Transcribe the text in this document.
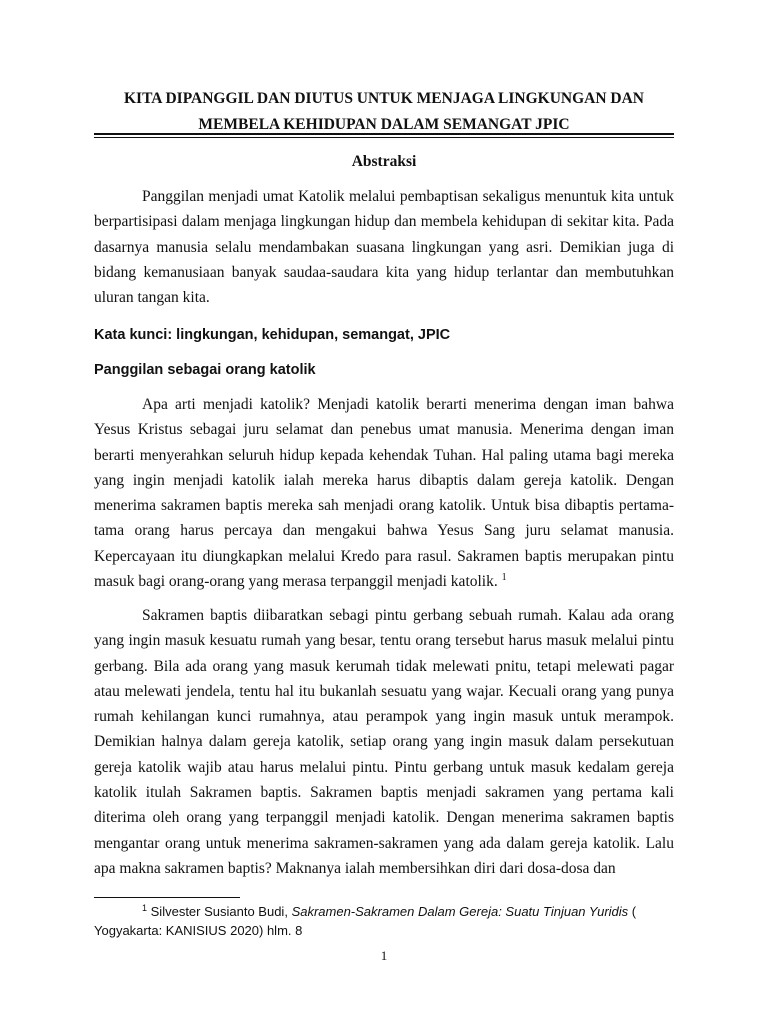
KITA DIPANGGIL DAN DIUTUS UNTUK MENJAGA LINGKUNGAN DAN MEMBELA KEHIDUPAN DALAM SEMANGAT JPIC
Abstraksi

Panggilan menjadi umat Katolik melalui pembaptisan sekaligus menuntuk kita untuk berpartisipasi dalam menjaga lingkungan hidup dan membela kehidupan di sekitar kita. Pada dasarnya manusia selalu mendambakan suasana lingkungan yang asri. Demikian juga di bidang kemanusiaan banyak saudaa-saudara kita yang hidup terlantar dan membutuhkan uluran tangan kita.

Kata kunci: lingkungan, kehidupan, semangat, JPIC
Panggilan sebagai orang katolik

Apa arti menjadi katolik? Menjadi katolik berarti menerima dengan iman bahwa Yesus Kristus sebagai juru selamat dan penebus umat manusia. Menerima dengan iman berarti menyerahkan seluruh hidup kepada kehendak Tuhan. Hal paling utama bagi mereka yang ingin menjadi katolik ialah mereka harus dibaptis dalam gereja katolik. Dengan menerima sakramen baptis mereka sah menjadi orang katolik. Untuk bisa dibaptis pertama-tama orang harus percaya dan mengakui bahwa Yesus Sang juru selamat manusia. Kepercayaan itu diungkapkan melalui Kredo para rasul. Sakramen baptis merupakan pintu masuk bagi orang-orang yang merasa terpanggil menjadi katolik. $^1$

Sakramen baptis diibaratkan sebagi pintu gerbang sebuah rumah. Kalau ada orang yang ingin masuk kesuatu rumah yang besar, tentu orang tersebut harus masuk melalui pintu gerbang. Bila ada orang yang masuk kerumah tidak melewati pnitu, tetapi melewati pagar atau melewati jendela, tentu hal itu bukanlah sesuatu yang wajar. Kecuali orang yang punya rumah kehilangan kunci rumahnya, atau perampok yang ingin masuk untuk merampok. Demikian halnya dalam gereja katolik, setiap orang yang ingin masuk dalam persekutuan gereja katolik wajib atau harus melalui pintu. Pintu gerbang untuk masuk kedalam gereja katolik itulah Sakramen baptis. Sakramen baptis menjadi sakramen yang pertama kali diterima oleh orang yang terpanggil menjadi katolik. Dengan menerima sakramen baptis mengantar orang untuk menerima sakramen-sakramen yang ada dalam gereja katolik. Lalu apa makna sakramen baptis? Maknanya ialah membersihkan diri dari dosa-dosa dan

$^1$ Silvester Susianto Budi, Sakramen-Sakramen Dalam Gereja: Suatu Tinjuan Yuridis ( Yogyakarta: KANISIUS 2020) hlm. 8
1
